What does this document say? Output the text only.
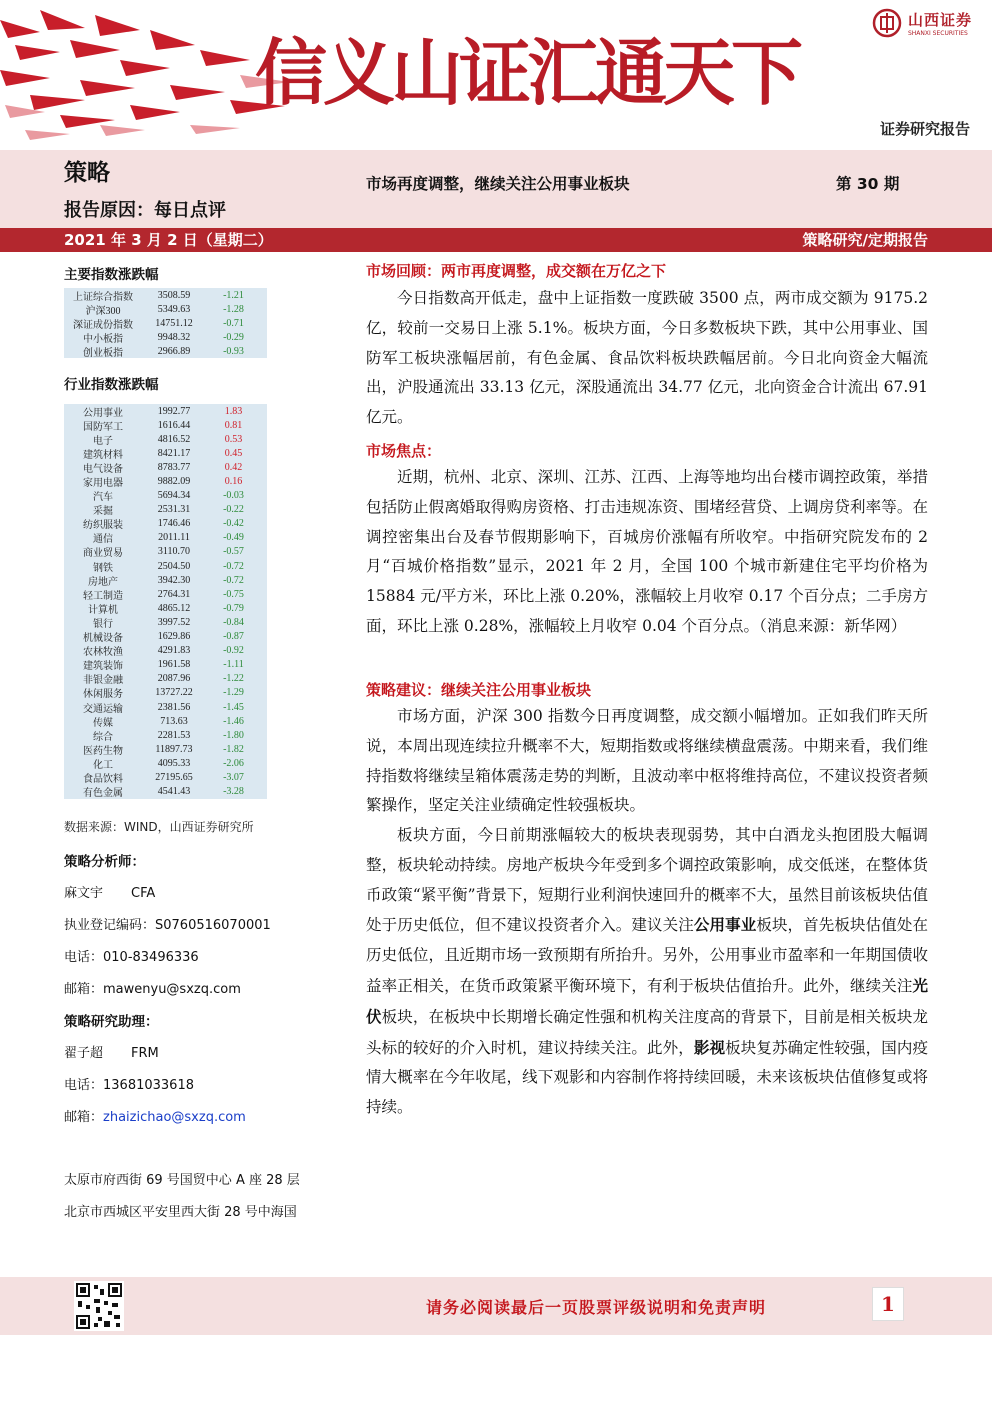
信义山证汇通天下
山西证券
SHANXI SECURITIES
证券研究报告
策略
报告原因：每日点评
市场再度调整，继续关注公用事业板块	第 30 期
2021 年 3 月 2 日（星期二）	策略研究/定期报告
主要指数涨跌幅
上证综合指数	3508.59	-1.21
沪深300	5349.63	-1.28
深证成份指数	14751.12	-0.71
中小板指	9948.32	-0.29
创业板指	2966.89	-0.93
行业指数涨跌幅
公用事业	1992.77	1.83
国防军工	1616.44	0.81
电子	4816.52	0.53
建筑材料	8421.17	0.45
电气设备	8783.77	0.42
家用电器	9882.09	0.16
汽车	5694.34	-0.03
采掘	2531.31	-0.22
纺织服装	1746.46	-0.42
通信	2011.11	-0.49
商业贸易	3110.70	-0.57
钢铁	2504.50	-0.72
房地产	3942.30	-0.72
轻工制造	2764.31	-0.75
计算机	4865.12	-0.79
银行	3997.52	-0.84
机械设备	1629.86	-0.87
农林牧渔	4291.83	-0.92
建筑装饰	1961.58	-1.11
非银金融	2087.96	-1.22
休闲服务	13727.22	-1.29
交通运输	2381.56	-1.45
传媒	713.63	-1.46
综合	2281.53	-1.80
医药生物	11897.73	-1.82
化工	4095.33	-2.06
食品饮料	27195.65	-3.07
有色金属	4541.43	-3.28
数据来源：WIND，山西证券研究所
策略分析师：
麻文宇 CFA
执业登记编码：S0760516070001
电话：010-83496336
邮箱：mawenyu@sxzq.com
策略研究助理：
翟子超 FRM
电话：13681033618
邮箱：zhaizichao@sxzq.com
太原市府西街 69 号国贸中心 A 座 28 层
北京市西城区平安里西大街 28 号中海国
市场回顾：两市再度调整，成交额在万亿之下
今日指数高开低走，盘中上证指数一度跌破 3500 点，两市成交额为 9175.2 亿，较前一交易日上涨 5.1%。板块方面，今日多数板块下跌，其中公用事业、国防军工板块涨幅居前，有色金属、食品饮料板块跌幅居前。今日北向资金大幅流出，沪股通流出 33.13 亿元，深股通流出 34.77 亿元，北向资金合计流出 67.91 亿元。
市场焦点：
近期，杭州、北京、深圳、江苏、江西、上海等地均出台楼市调控政策，举措包括防止假离婚取得购房资格、打击违规冻资、围堵经营贷、上调房贷利率等。在调控密集出台及春节假期影响下，百城房价涨幅有所收窄。中指研究院发布的 2 月“百城价格指数”显示，2021 年 2 月，全国 100 个城市新建住宅平均价格为 15884 元/平方米，环比上涨 0.20%，涨幅较上月收窄 0.17 个百分点；二手房方面，环比上涨 0.28%，涨幅较上月收窄 0.04 个百分点。（消息来源：新华网）
策略建议：继续关注公用事业板块
市场方面，沪深 300 指数今日再度调整，成交额小幅增加。正如我们昨天所说，本周出现连续拉升概率不大，短期指数或将继续横盘震荡。中期来看，我们维持指数将继续呈箱体震荡走势的判断，且波动率中枢将维持高位，不建议投资者频繁操作，坚定关注业绩确定性较强板块。
板块方面，今日前期涨幅较大的板块表现弱势，其中白酒龙头抱团股大幅调整，板块轮动持续。房地产板块今年受到多个调控政策影响，成交低迷，在整体货币政策“紧平衡”背景下，短期行业利润快速回升的概率不大，虽然目前该板块估值处于历史低位，但不建议投资者介入。建议关注公用事业板块，首先板块估值处在历史低位，且近期市场一致预期有所抬升。另外，公用事业市盈率和一年期国债收益率正相关，在货币政策紧平衡环境下，有利于板块估值抬升。此外，继续关注光伏板块，在板块中长期增长确定性强和机构关注度高的背景下，目前是相关板块龙头标的较好的介入时机，建议持续关注。此外，影视板块复苏确定性较强，国内疫情大概率在今年收尾，线下观影和内容制作将持续回暖，未来该板块估值修复或将持续。
请务必阅读最后一页股票评级说明和免责声明	1
